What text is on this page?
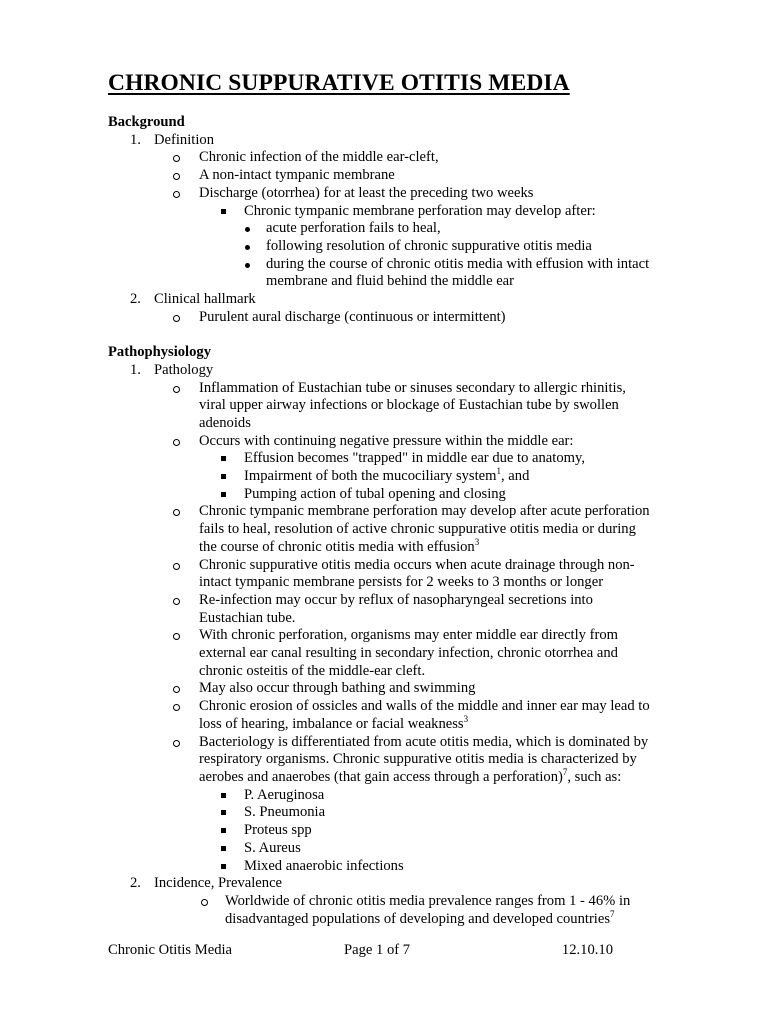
CHRONIC SUPPURATIVE OTITIS MEDIA
Background
1. Definition
Chronic infection of the middle ear-cleft,
A non-intact tympanic membrane
Discharge (otorrhea) for at least the preceding two weeks
Chronic tympanic membrane perforation may develop after:
acute perforation fails to heal,
following resolution of chronic suppurative otitis media
during the course of chronic otitis media with effusion with intact membrane and fluid behind the middle ear
2. Clinical hallmark
Purulent aural discharge (continuous or intermittent)
Pathophysiology
1. Pathology
Inflammation of Eustachian tube or sinuses secondary to allergic rhinitis, viral upper airway infections or blockage of Eustachian tube by swollen adenoids
Occurs with continuing negative pressure within the middle ear:
Effusion becomes "trapped" in middle ear due to anatomy,
Impairment of both the mucociliary system$^1$, and
Pumping action of tubal opening and closing
Chronic tympanic membrane perforation may develop after acute perforation fails to heal, resolution of active chronic suppurative otitis media or during the course of chronic otitis media with effusion$^3$
Chronic suppurative otitis media occurs when acute drainage through non-intact tympanic membrane persists for 2 weeks to 3 months or longer
Re-infection may occur by reflux of nasopharyngeal secretions into Eustachian tube.
With chronic perforation, organisms may enter middle ear directly from external ear canal resulting in secondary infection, chronic otorrhea and chronic osteitis of the middle-ear cleft.
May also occur through bathing and swimming
Chronic erosion of ossicles and walls of the middle and inner ear may lead to loss of hearing, imbalance or facial weakness$^3$
Bacteriology is differentiated from acute otitis media, which is dominated by respiratory organisms. Chronic suppurative otitis media is characterized by aerobes and anaerobes (that gain access through a perforation)$^7$, such as:
P. Aeruginosa
S. Pneumonia
Proteus spp
S. Aureus
Mixed anaerobic infections
2. Incidence, Prevalence
Worldwide of chronic otitis media prevalence ranges from 1 - 46% in disadvantaged populations of developing and developed countries$^7$
Chronic Otitis Media	Page 1 of 7	12.10.10
